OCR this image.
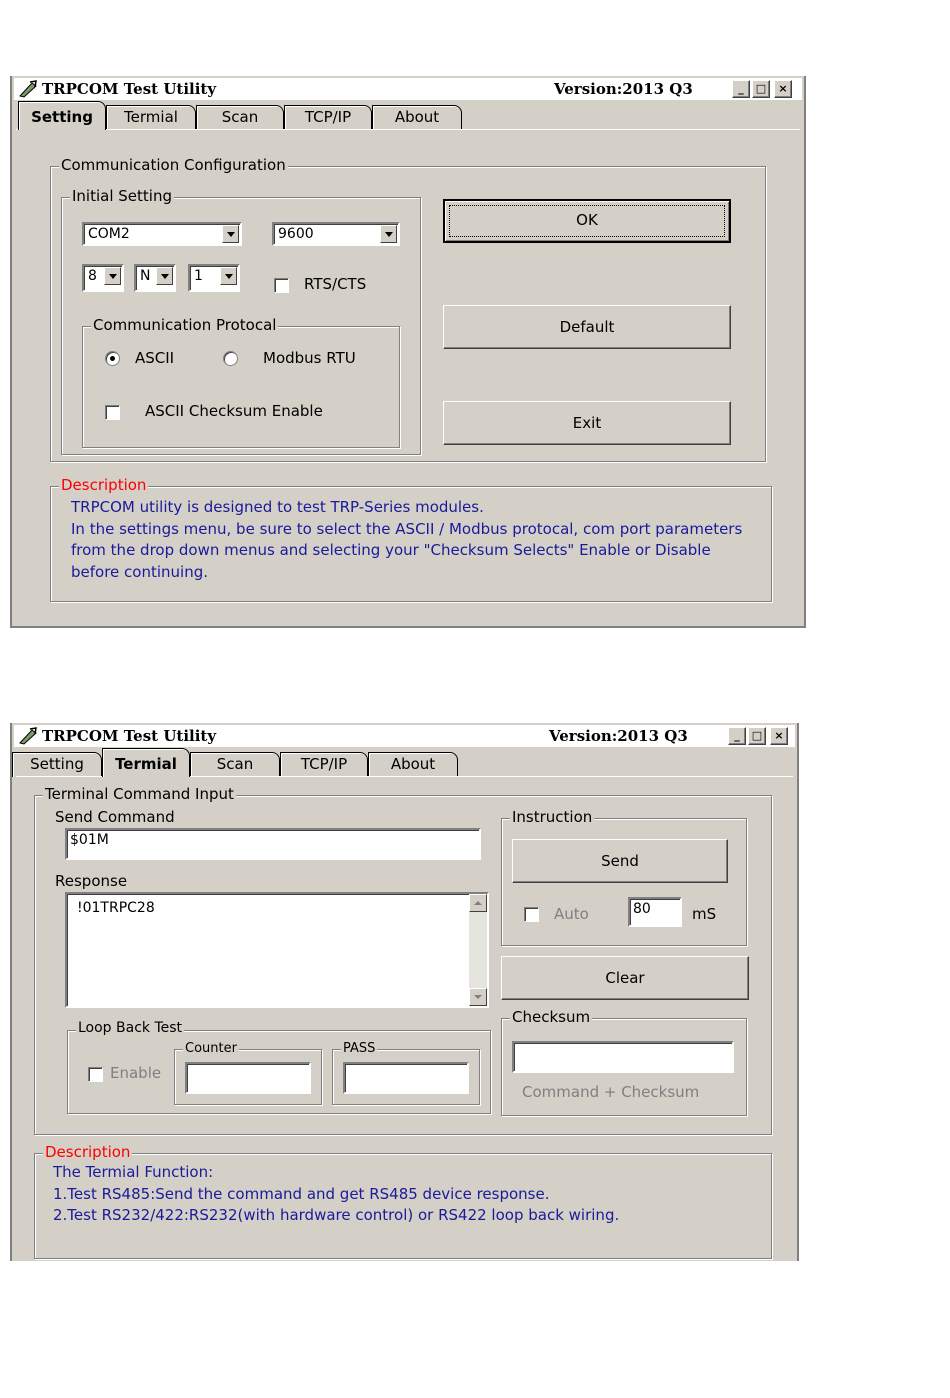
TRPCOM Test Utility	Version:2013 Q3	_	□	×
Setting	Termial	Scan	TCP/IP	About
Communication Configuration
Initial Setting
COM2	9600
8	N	1	RTS/CTS
Communication Protocal
ASCII	Modbus RTU
ASCII Checksum Enable
OK
Default
Exit
Description
TRPCOM utility is designed to test TRP-Series modules.
In the settings menu, be sure to select the ASCII / Modbus protocal, com port parameters
from the drop down menus and selecting your "Checksum Selects" Enable or Disable
before continuing.
TRPCOM Test Utility	Version:2013 Q3	_	□	×
Setting	Termial	Scan	TCP/IP	About
Terminal Command Input
Send Command
$01M
Response
!01TRPC28
Loop Back Test
Enable
Counter	PASS
Instruction
Send
Auto	80	mS
Clear
Checksum
Command + Checksum
Description
The Termial Function:
1.Test RS485:Send the command and get RS485 device response.
2.Test RS232/422:RS232(with hardware control) or RS422 loop back wiring.
